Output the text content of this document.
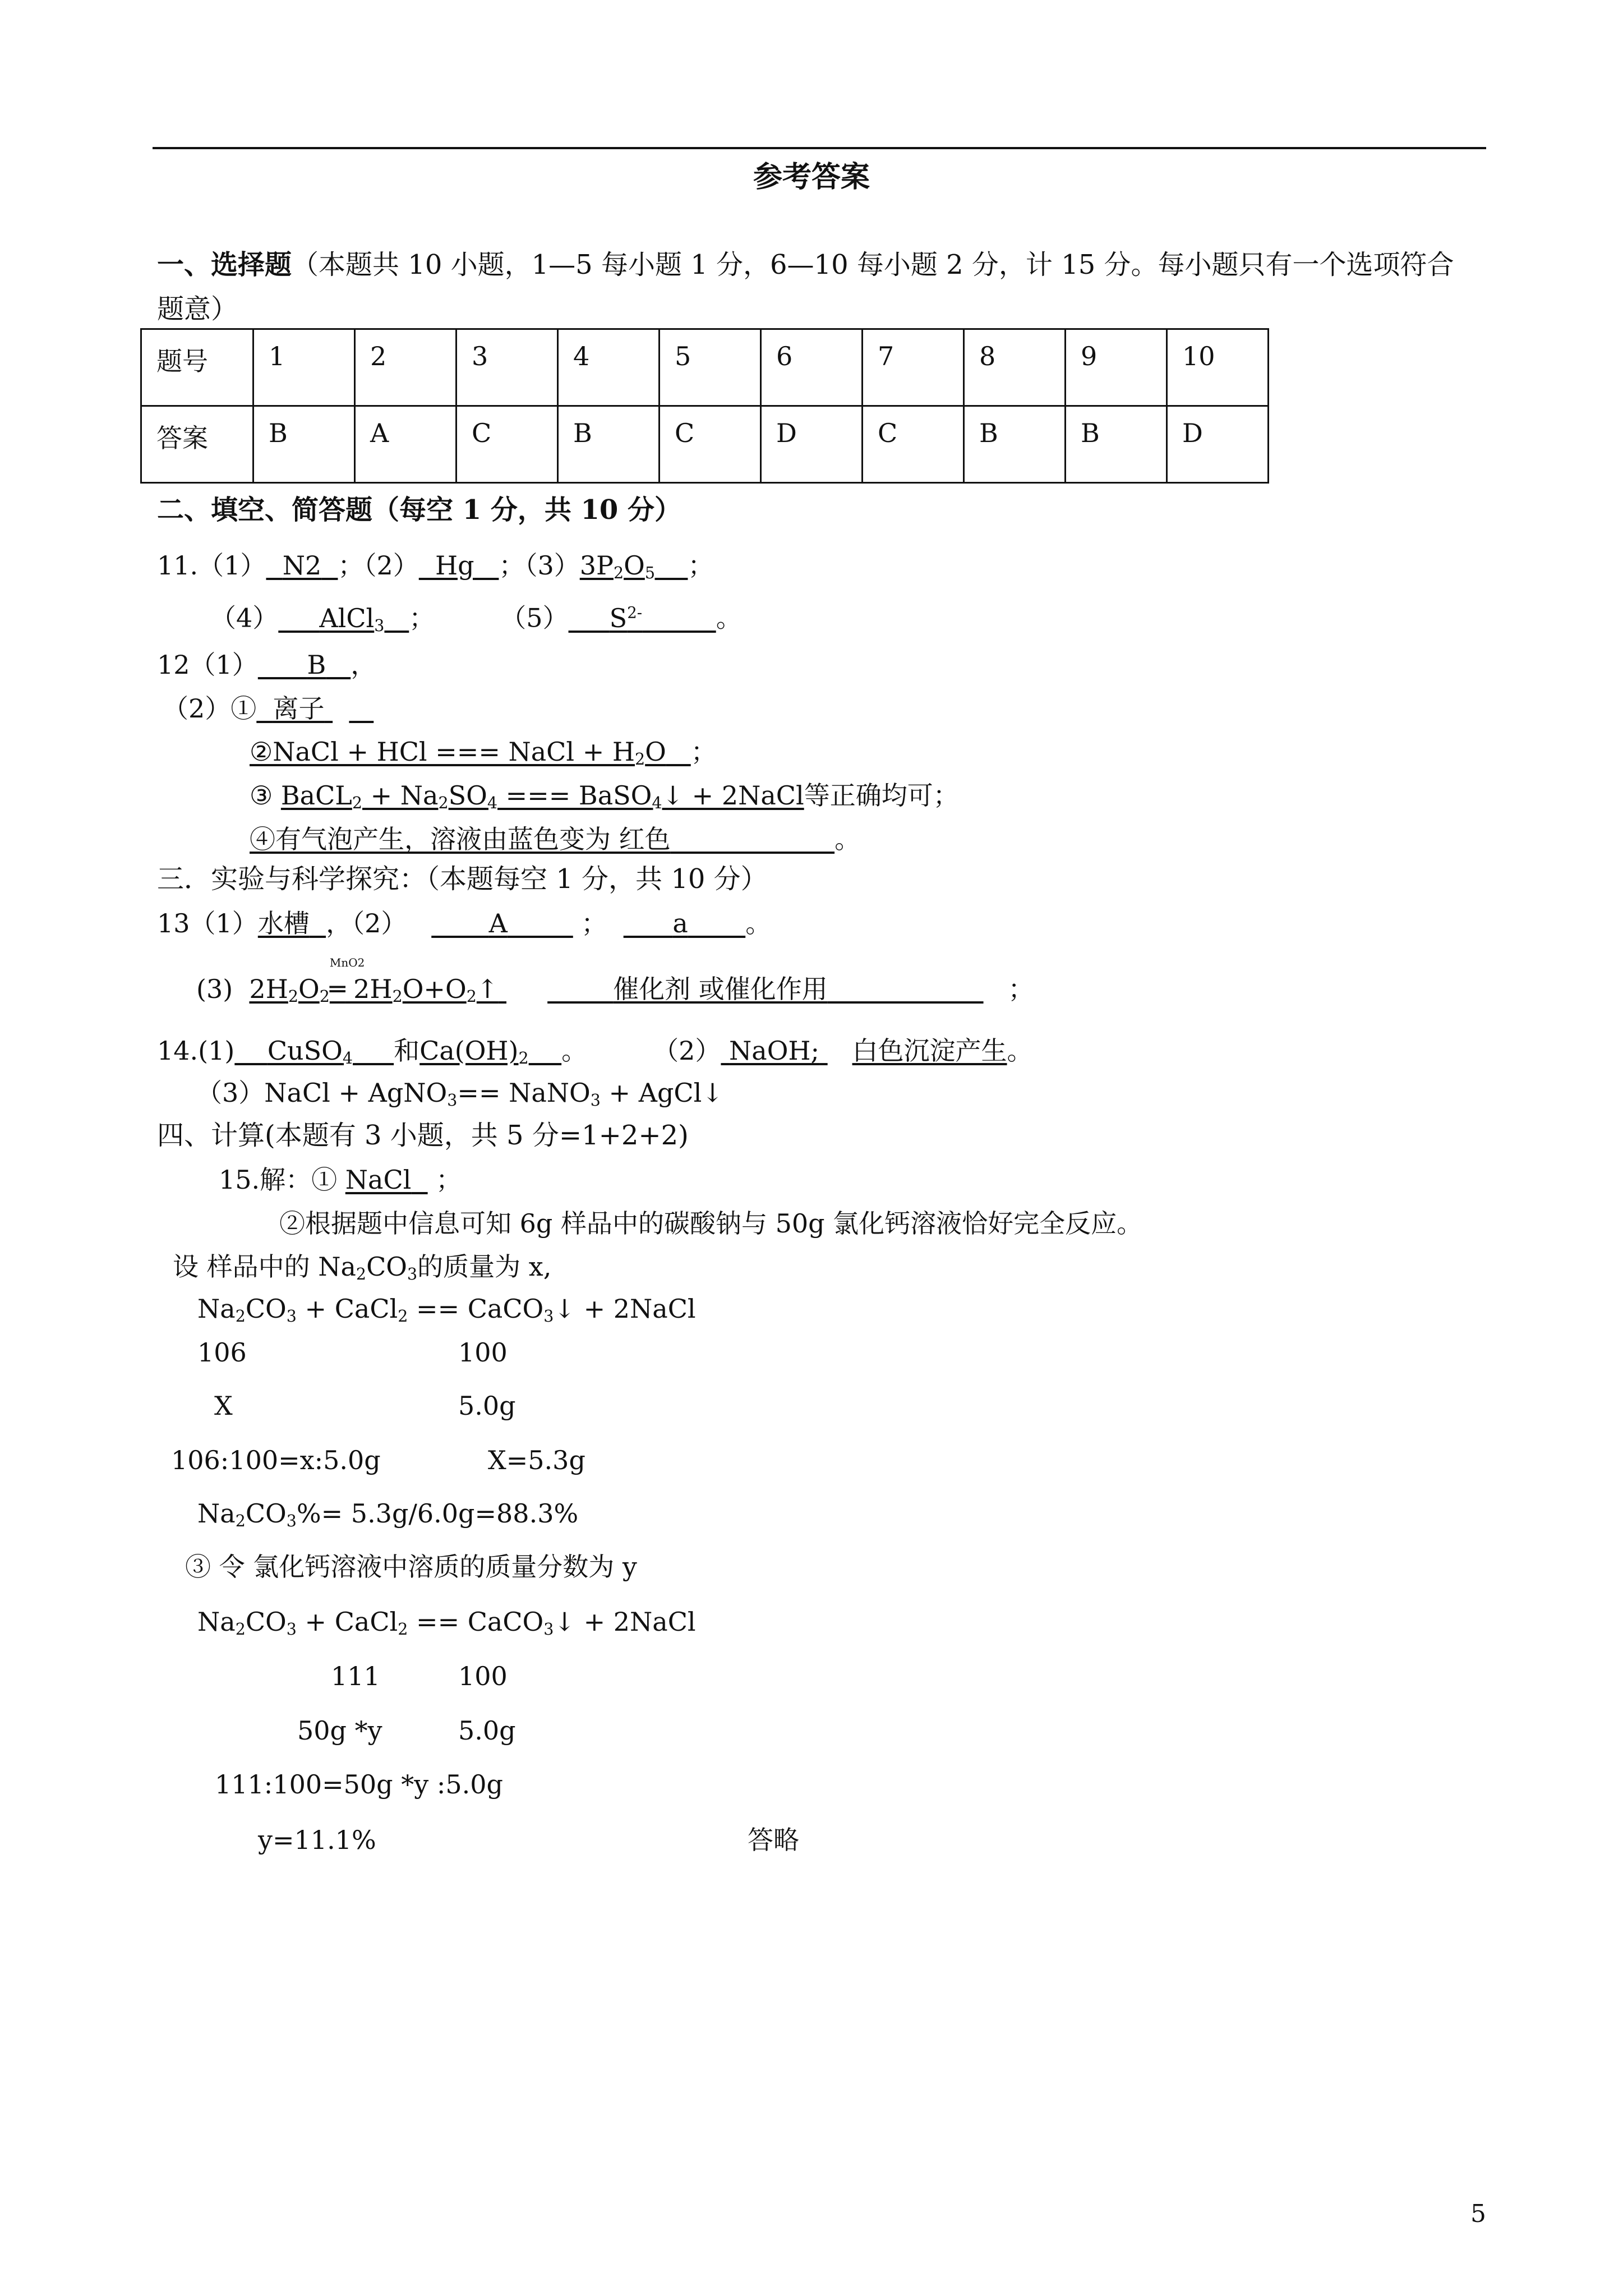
参考答案
一、选择题（本题共 10 小题，1—5 每小题 1 分，6—10 每小题 2 分，计 15 分。每小题只有一个选项符合
题意）
题号	1	2	3	4	5	6	7	8	9	10
答案	B	A	C	B	C	D	C	B	B	D
二、填空、简答题（每空 1 分，共 10 分）
11.（1） N2 ；（2） Hg ；$(3)3P_2O_5$ ；
（4） AlCl$_3$ ；	（5） $S^{2-}$	。
12（1） B ，
（2）① 离子
②NaCl + HCl === NaCl + $H_2O$ ；
③ BaCL$_2$ + $Na_2SO_4$ === BaSO$_4$↓ + 2NaCl等正确均可；
④有气泡产生，溶液由蓝色变为 红色	。
三．实验与科学探究：（本题每空 1 分，共 10 分）
13（1）水槽 ，（2）	A	；	a 。
(3) $2H_2O_2$
MnO2
═ $2H_2O+O_2↑$	催化剂 或催化作用	；
14.(1) CuSO$_4$ 和$Ca(OH)_2$ 。	（2） NaOH; 白色沉淀产生。
（3）NaCl + AgNO$_3$== NaNO$_3$ + AgCl↓
四、计算(本题有 3 小题，共 5 分=1+2+2)
15.解：① NaCl ；
②根据题中信息可知 6g 样品中的碳酸钠与 50g 氯化钙溶液恰好完全反应。
设 样品中的 $Na_2CO_3$的质量为 x,
$Na_2CO_3$ + CaCl$_2$ == CaCO$_3$↓ + 2NaCl
106	100
X	5.0g
106:100=x:5.0g	X=5.3g
$Na_2CO_3\%= 5.3g/6.0g=88.3\%$
③ 令 氯化钙溶液中溶质的质量分数为 y
$Na_2CO_3$ + CaCl$_2$ == CaCO$_3$↓ + 2NaCl
111	100
50g *y	5.0g
111:100=50g *y :5.0g
y=11.1%	答略
5
